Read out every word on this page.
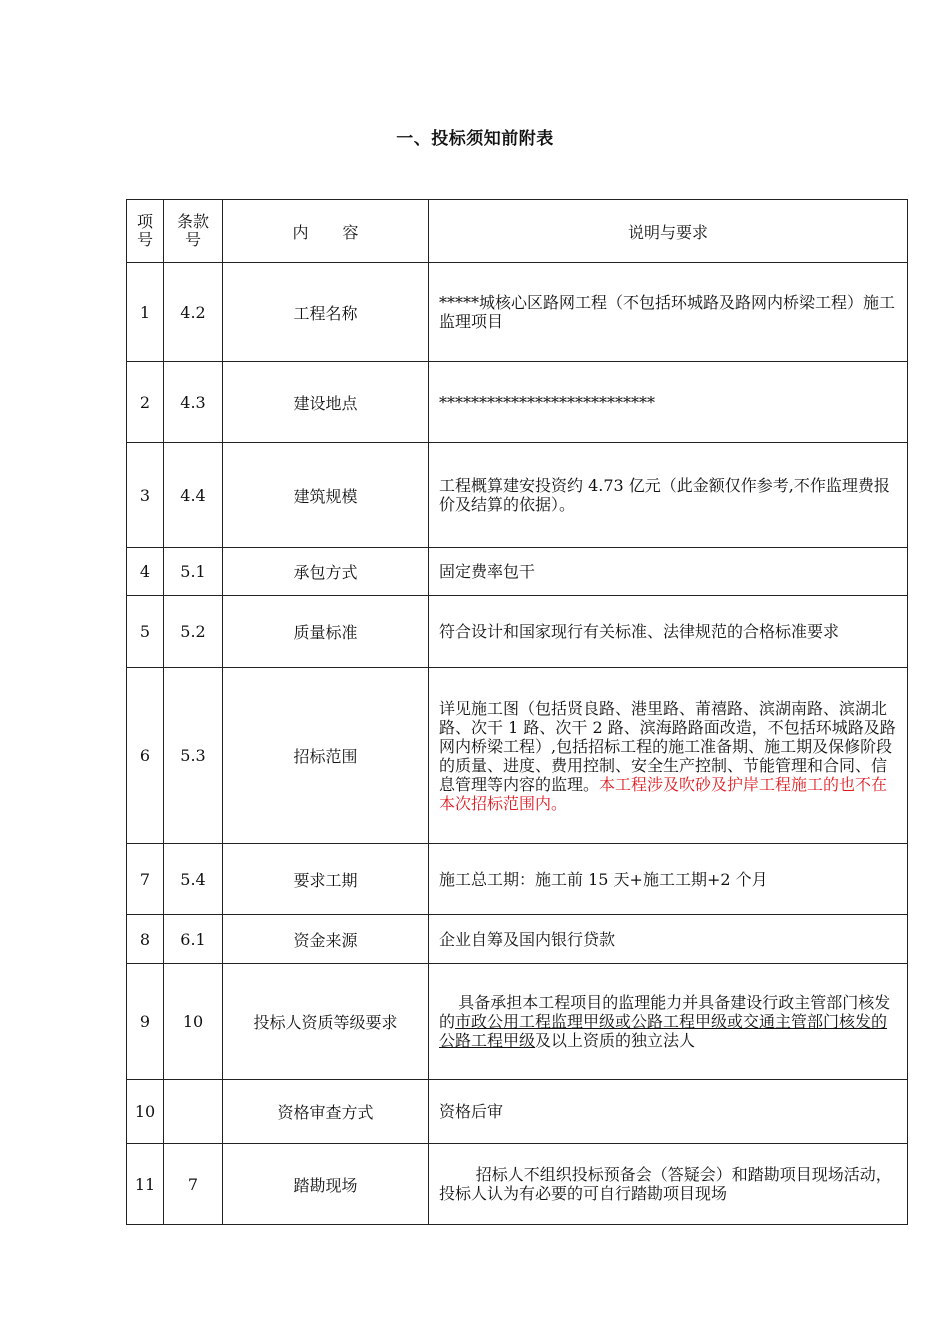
一、投标须知前附表
项号	条款号	内 容	说明与要求
1	4.2	工程名称	*****城核心区路网工程（不包括环城路及路网内桥梁工程）施工监理项目
2	4.3	建设地点	***************************
3	4.4	建筑规模	工程概算建安投资约 4.73 亿元（此金额仅作参考,不作监理费报价及结算的依据）。
4	5.1	承包方式	固定费率包干
5	5.2	质量标准	符合设计和国家现行有关标准、法律规范的合格标准要求
6	5.3	招标范围	详见施工图（包括贤良路、港里路、莆禧路、滨湖南路、滨湖北路、次干 1 路、次干 2 路、滨海路路面改造，不包括环城路及路网内桥梁工程）,包括招标工程的施工准备期、施工期及保修阶段的质量、进度、费用控制、安全生产控制、节能管理和合同、信息管理等内容的监理。本工程涉及吹砂及护岸工程施工的也不在本次招标范围内。
7	5.4	要求工期	施工总工期：施工前 15 天+施工工期+2 个月
8	6.1	资金来源	企业自筹及国内银行贷款
9	10	投标人资质等级要求	具备承担本工程项目的监理能力并具备建设行政主管部门核发的市政公用工程监理甲级或公路工程甲级或交通主管部门核发的公路工程甲级及以上资质的独立法人
10		资格审查方式	资格后审
11	7	踏勘现场	招标人不组织投标预备会（答疑会）和踏勘项目现场活动，投标人认为有必要的可自行踏勘项目现场
